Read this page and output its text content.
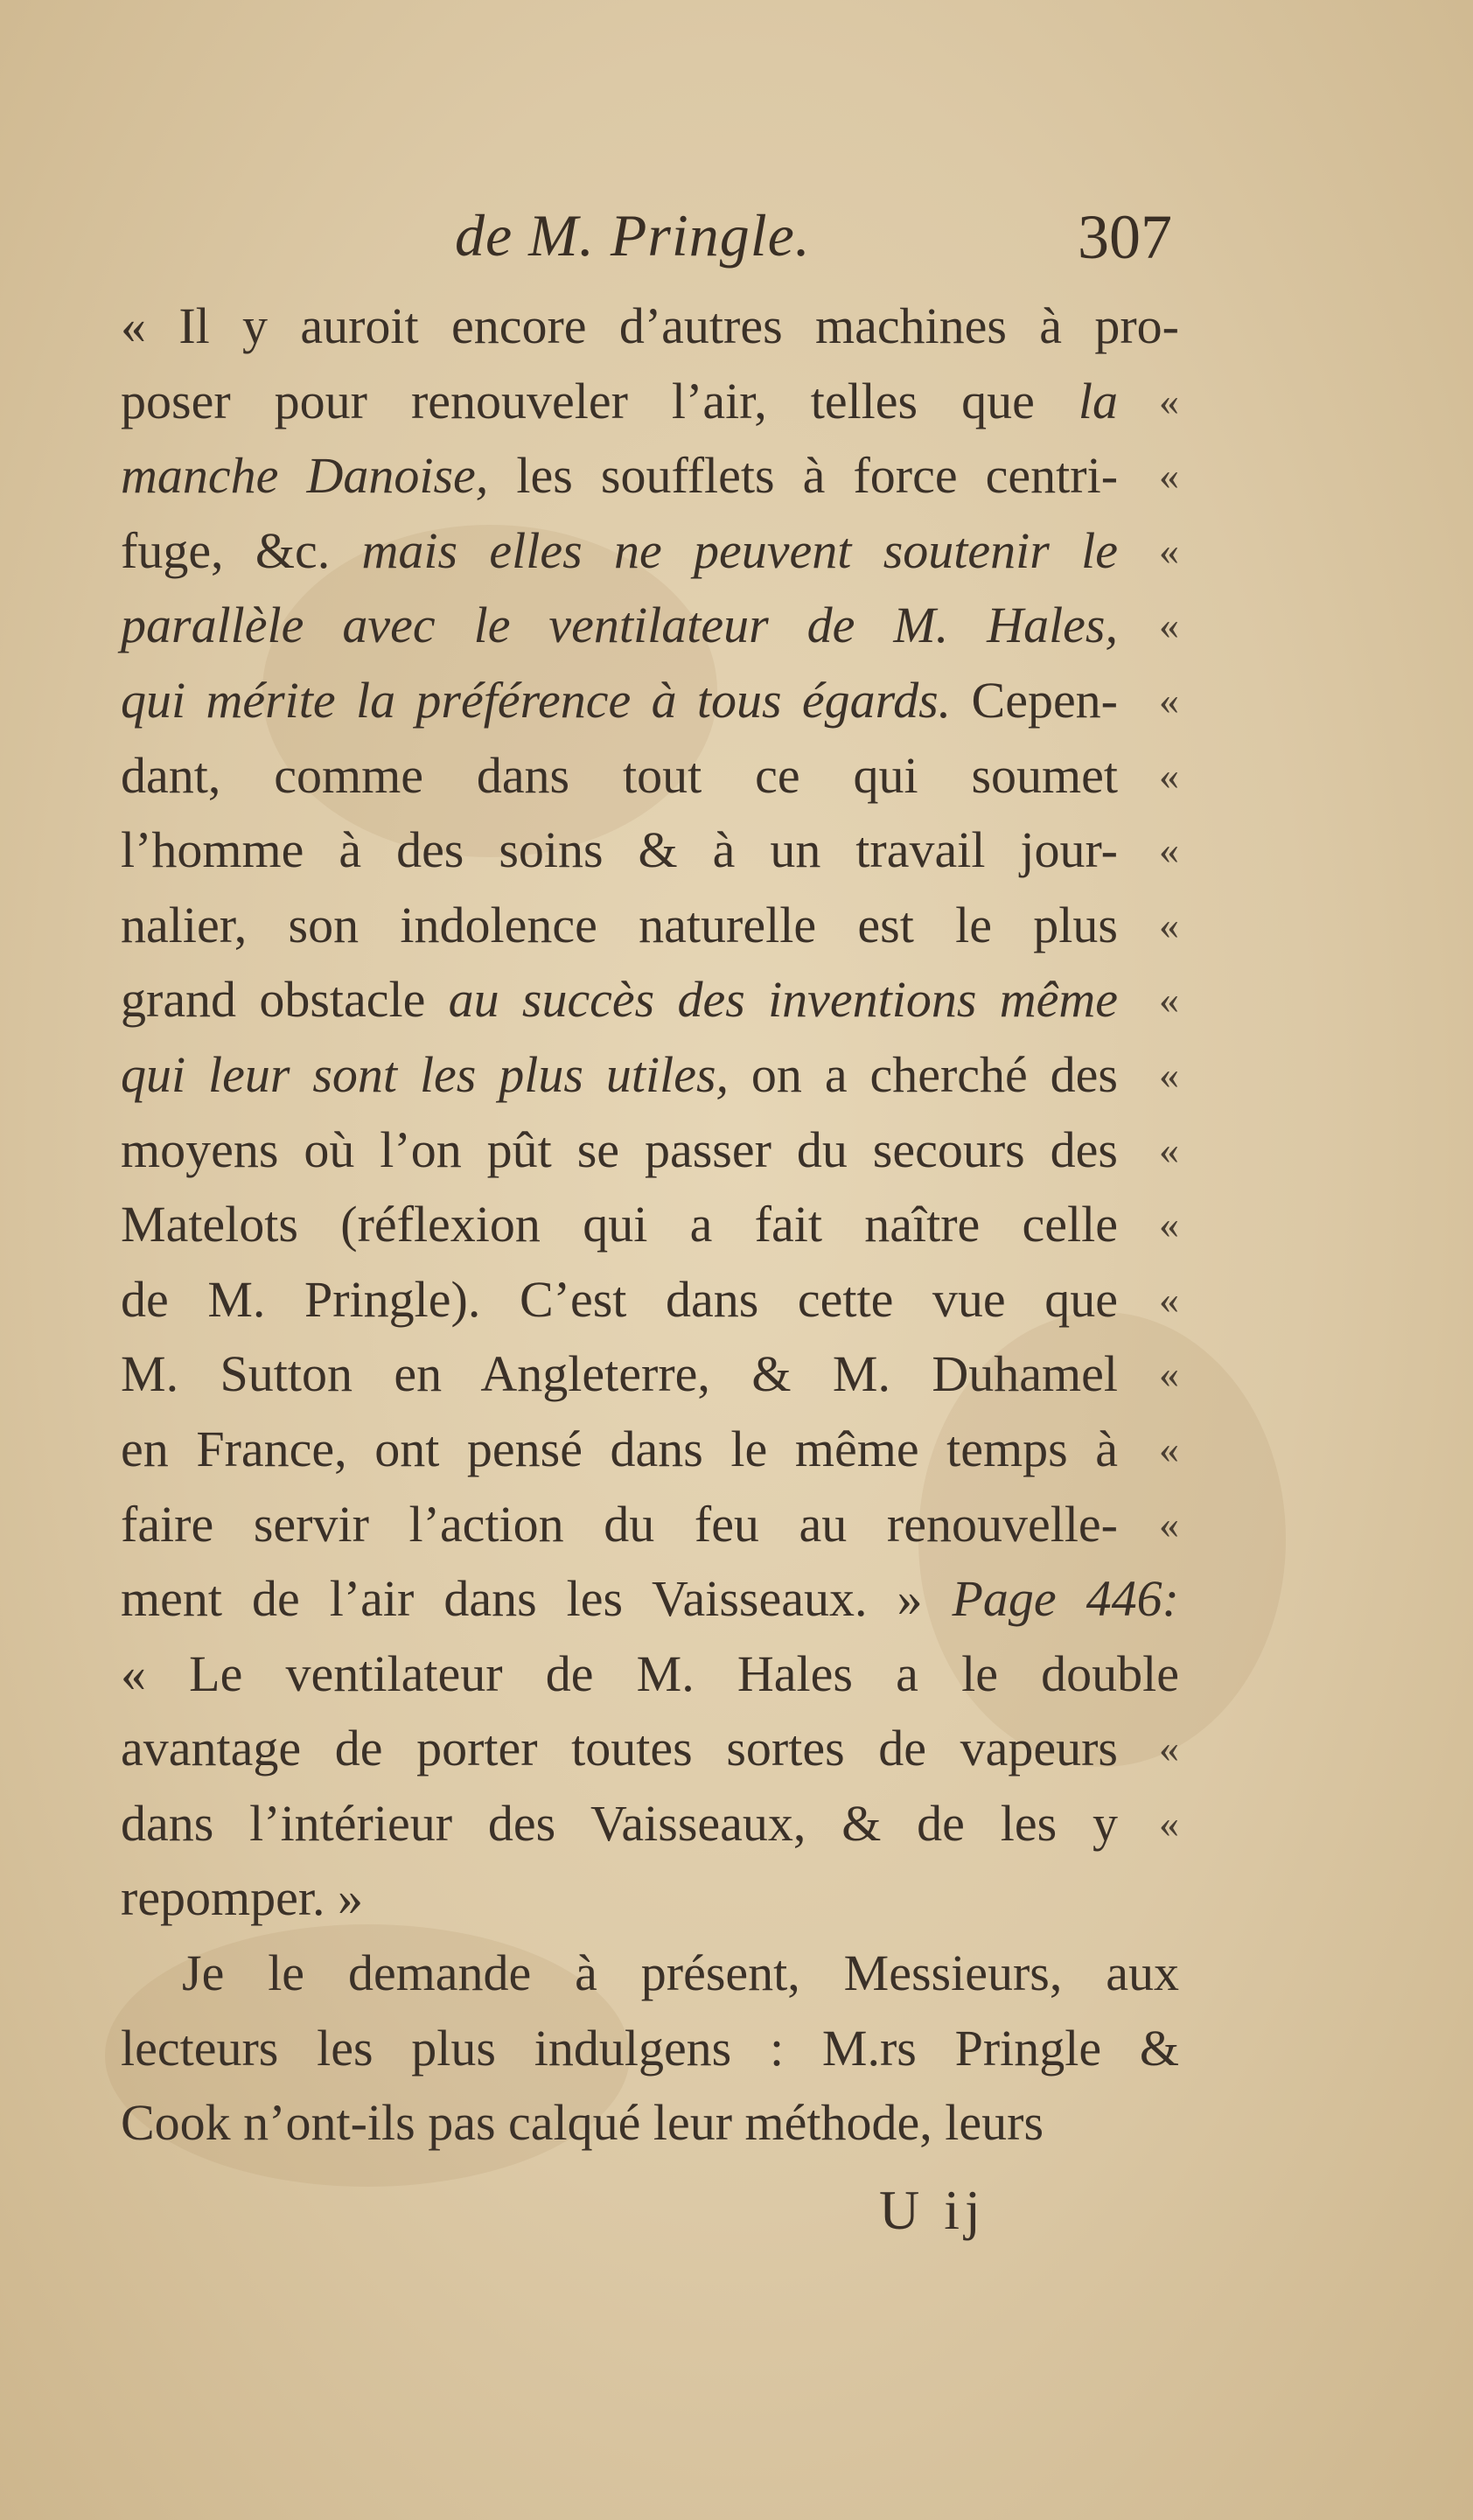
de M. Pringle.	307
« Il y auroit encore d’autres machines à pro-
poser pour renouveler l’air, telles que la «
manche Danoise, les soufflets à force centri- «
fuge, &c. mais elles ne peuvent soutenir le «
parallèle avec le ventilateur de M. Hales, «
qui mérite la préférence à tous égards. Cepen- «
dant, comme dans tout ce qui soumet «
l’homme à des soins & à un travail jour- «
nalier, son indolence naturelle est le plus «
grand obstacle au succès des inventions même «
qui leur sont les plus utiles, on a cherché des «
moyens où l’on pût se passer du secours des «
Matelots (réflexion qui a fait naître celle «
de M. Pringle). C’est dans cette vue que «
M. Sutton en Angleterre, & M. Duhamel «
en France, ont pensé dans le même temps à «
faire servir l’action du feu au renouvelle- «
ment de l’air dans les Vaisseaux. » Page 446:
« Le ventilateur de M. Hales a le double
avantage de porter toutes sortes de vapeurs «
dans l’intérieur des Vaisseaux, & de les y «
repomper. »
Je le demande à présent, Messieurs, aux
lecteurs les plus indulgens : M.rs Pringle &
Cook n’ont-ils pas calqué leur méthode, leurs
U ij
